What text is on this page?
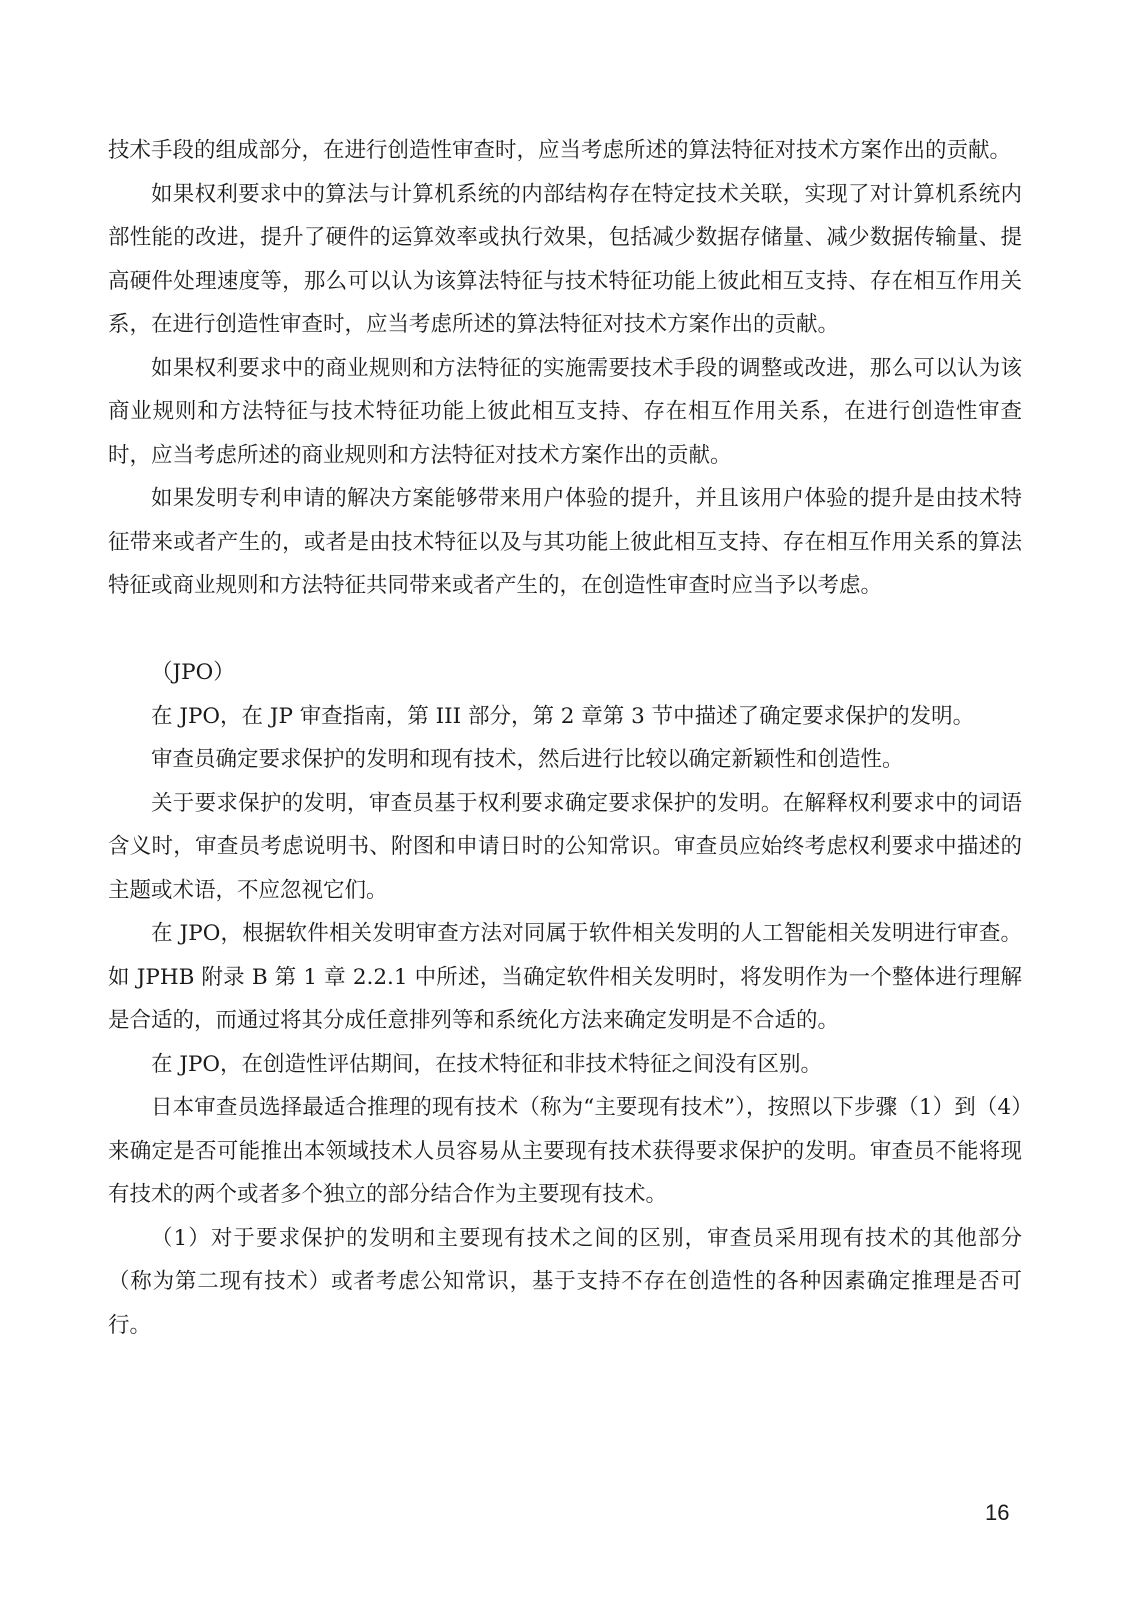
技术手段的组成部分，在进行创造性审查时，应当考虑所述的算法特征对技术方案作出的贡献。

如果权利要求中的算法与计算机系统的内部结构存在特定技术关联，实现了对计算机系统内部性能的改进，提升了硬件的运算效率或执行效果，包括减少数据存储量、减少数据传输量、提高硬件处理速度等，那么可以认为该算法特征与技术特征功能上彼此相互支持、存在相互作用关系，在进行创造性审查时，应当考虑所述的算法特征对技术方案作出的贡献。

如果权利要求中的商业规则和方法特征的实施需要技术手段的调整或改进，那么可以认为该商业规则和方法特征与技术特征功能上彼此相互支持、存在相互作用关系，在进行创造性审查时，应当考虑所述的商业规则和方法特征对技术方案作出的贡献。

如果发明专利申请的解决方案能够带来用户体验的提升，并且该用户体验的提升是由技术特征带来或者产生的，或者是由技术特征以及与其功能上彼此相互支持、存在相互作用关系的算法特征或商业规则和方法特征共同带来或者产生的，在创造性审查时应当予以考虑。

（JPO）

在 JPO，在 JP 审查指南，第 III 部分，第 2 章第 3 节中描述了确定要求保护的发明。

审查员确定要求保护的发明和现有技术，然后进行比较以确定新颖性和创造性。

关于要求保护的发明，审查员基于权利要求确定要求保护的发明。在解释权利要求中的词语含义时，审查员考虑说明书、附图和申请日时的公知常识。审查员应始终考虑权利要求中描述的主题或术语，不应忽视它们。

在 JPO，根据软件相关发明审查方法对同属于软件相关发明的人工智能相关发明进行审查。如 JPHB 附录 B 第 1 章 2.2.1 中所述，当确定软件相关发明时，将发明作为一个整体进行理解是合适的，而通过将其分成任意排列等和系统化方法来确定发明是不合适的。

在 JPO，在创造性评估期间，在技术特征和非技术特征之间没有区别。

日本审查员选择最适合推理的现有技术（称为“主要现有技术”），按照以下步骤（1）到（4）来确定是否可能推出本领域技术人员容易从主要现有技术获得要求保护的发明。审查员不能将现有技术的两个或者多个独立的部分结合作为主要现有技术。

（1）对于要求保护的发明和主要现有技术之间的区别，审查员采用现有技术的其他部分（称为第二现有技术）或者考虑公知常识，基于支持不存在创造性的各种因素确定推理是否可行。

16
